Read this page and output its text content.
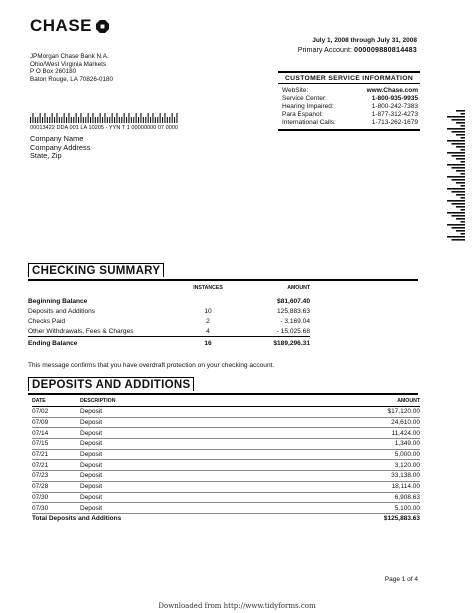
CHASE
JPMorgan Chase Bank N.A.
Ohio/West Virginia Markets
P O Box 260180
Baton Rouge, LA 70826-0180
July 1, 2008 through July 31, 2008
Primary Account: 000009880814483
CUSTOMER SERVICE INFORMATION
WebSite:	www.Chase.com
Service Center:	1-800-935-9935
Hearing Impaired:	1-800-242-7383
Para Espanol:	1-877-312-4273
International Calls:	1-713-262-1679
00013422 DDA 001 LA 10205 - YYN T 1 00000000 07 0000
Company Name
Company Address
State, Zip
CHECKING SUMMARY
	INSTANCES	AMOUNT
Beginning Balance		$81,607.40
Deposits and Additions	10	125,883.63
Checks Paid	2	- 3,169.04
Other Withdrawals, Fees & Charges	4	- 15,025.68
Ending Balance	16	$189,296.31
This message confirms that you have overdraft protection on your checking account.
DEPOSITS AND ADDITIONS
DATE	DESCRIPTION	AMOUNT
07/02	Deposit	$17,120.00
07/09	Deposit	24,610.00
07/14	Deposit	11,424.00
07/15	Deposit	1,349.00
07/21	Deposit	5,000.00
07/21	Deposit	3,120.00
07/23	Deposit	33,138.00
07/28	Deposit	18,114.00
07/30	Deposit	6,908.63
07/30	Deposit	5,100.00
Total Deposits and Additions		$125,883.63
Page 1 of 4
Downloaded from http://www.tidyforms.com
